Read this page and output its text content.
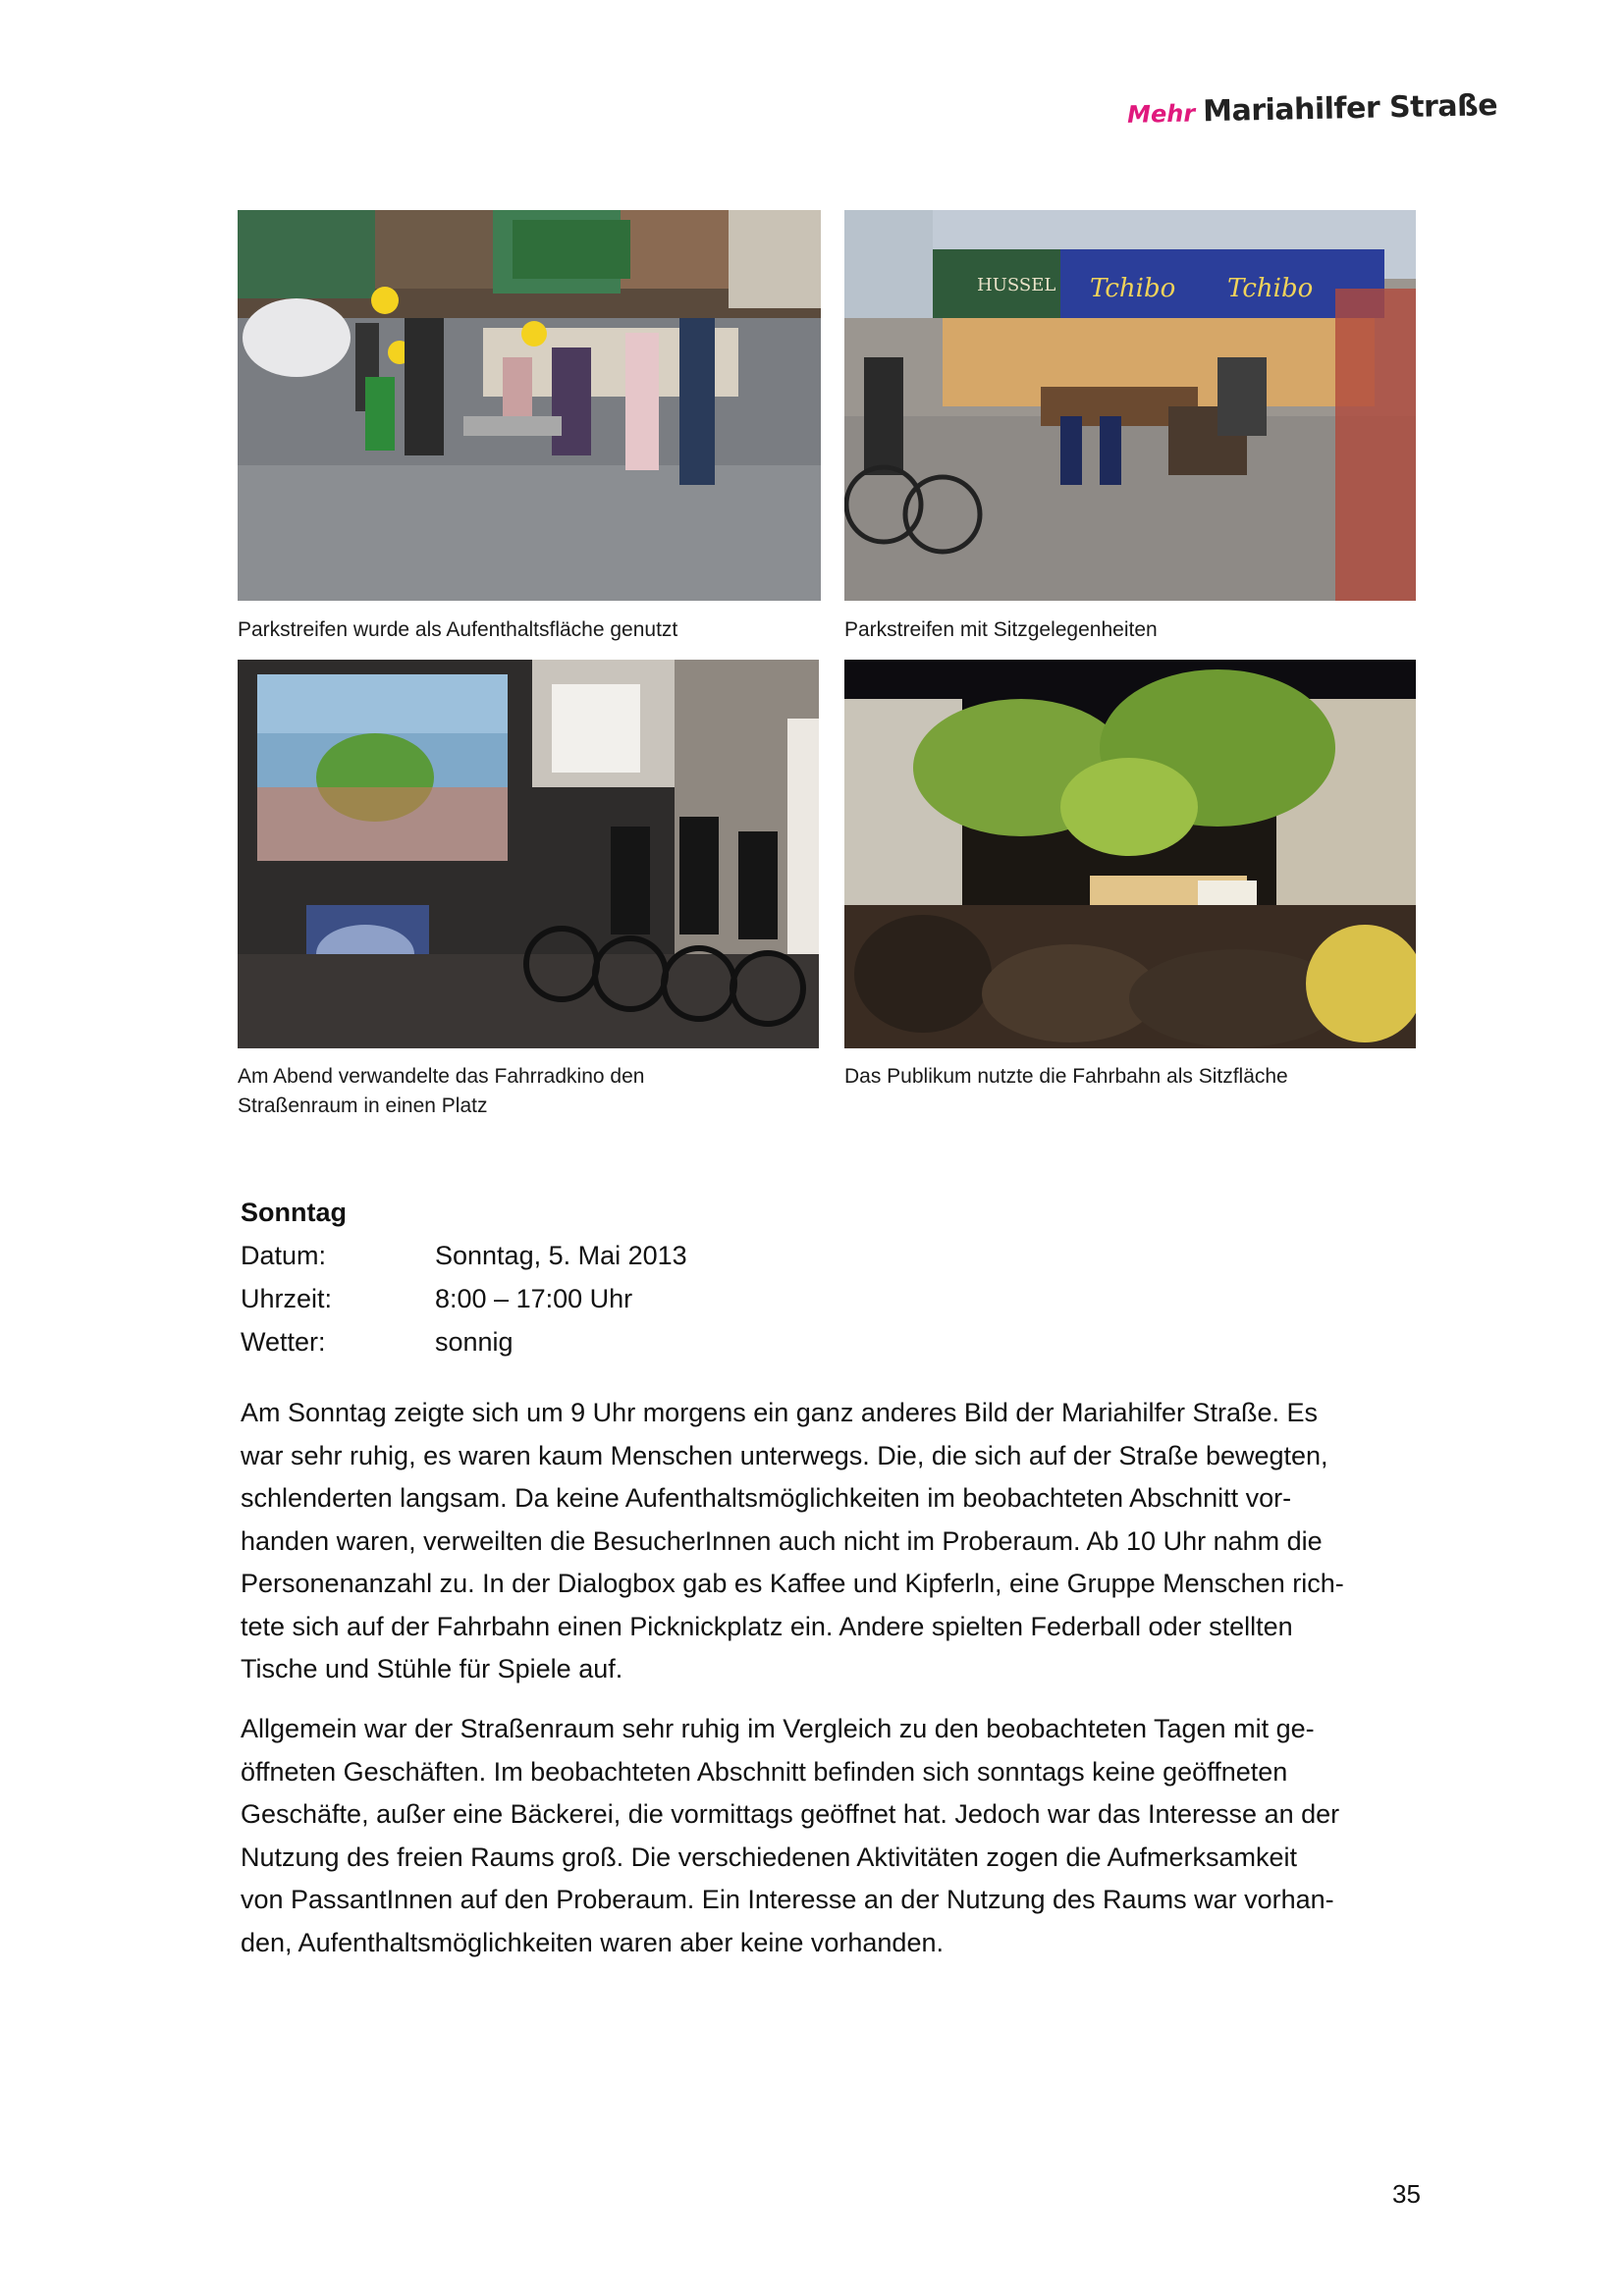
Mehr Mariahilfer Straße
HUSSEL Tchibo Tchibo
Parkstreifen wurde als Aufenthaltsfläche genutzt	Parkstreifen mit Sitzgelegenheiten
Am Abend verwandelte das Fahrradkino den
Straßenraum in einen Platz
Das Publikum nutzte die Fahrbahn als Sitzfläche
Sonntag
Datum:	Sonntag, 5. Mai 2013
Uhrzeit:	8:00 – 17:00 Uhr
Wetter:	sonnig
Am Sonntag zeigte sich um 9 Uhr morgens ein ganz anderes Bild der Mariahilfer Straße. Es
war sehr ruhig, es waren kaum Menschen unterwegs. Die, die sich auf der Straße bewegten,
schlenderten langsam. Da keine Aufenthaltsmöglichkeiten im beobachteten Abschnitt vor-
handen waren, verweilten die BesucherInnen auch nicht im Proberaum. Ab 10 Uhr nahm die
Personenanzahl zu. In der Dialogbox gab es Kaffee und Kipferln, eine Gruppe Menschen rich-
tete sich auf der Fahrbahn einen Picknickplatz ein. Andere spielten Federball oder stellten
Tische und Stühle für Spiele auf.
Allgemein war der Straßenraum sehr ruhig im Vergleich zu den beobachteten Tagen mit ge-
öffneten Geschäften. Im beobachteten Abschnitt befinden sich sonntags keine geöffneten
Geschäfte, außer eine Bäckerei, die vormittags geöffnet hat. Jedoch war das Interesse an der
Nutzung des freien Raums groß. Die verschiedenen Aktivitäten zogen die Aufmerksamkeit
von PassantInnen auf den Proberaum. Ein Interesse an der Nutzung des Raums war vorhan-
den, Aufenthaltsmöglichkeiten waren aber keine vorhanden.
35
